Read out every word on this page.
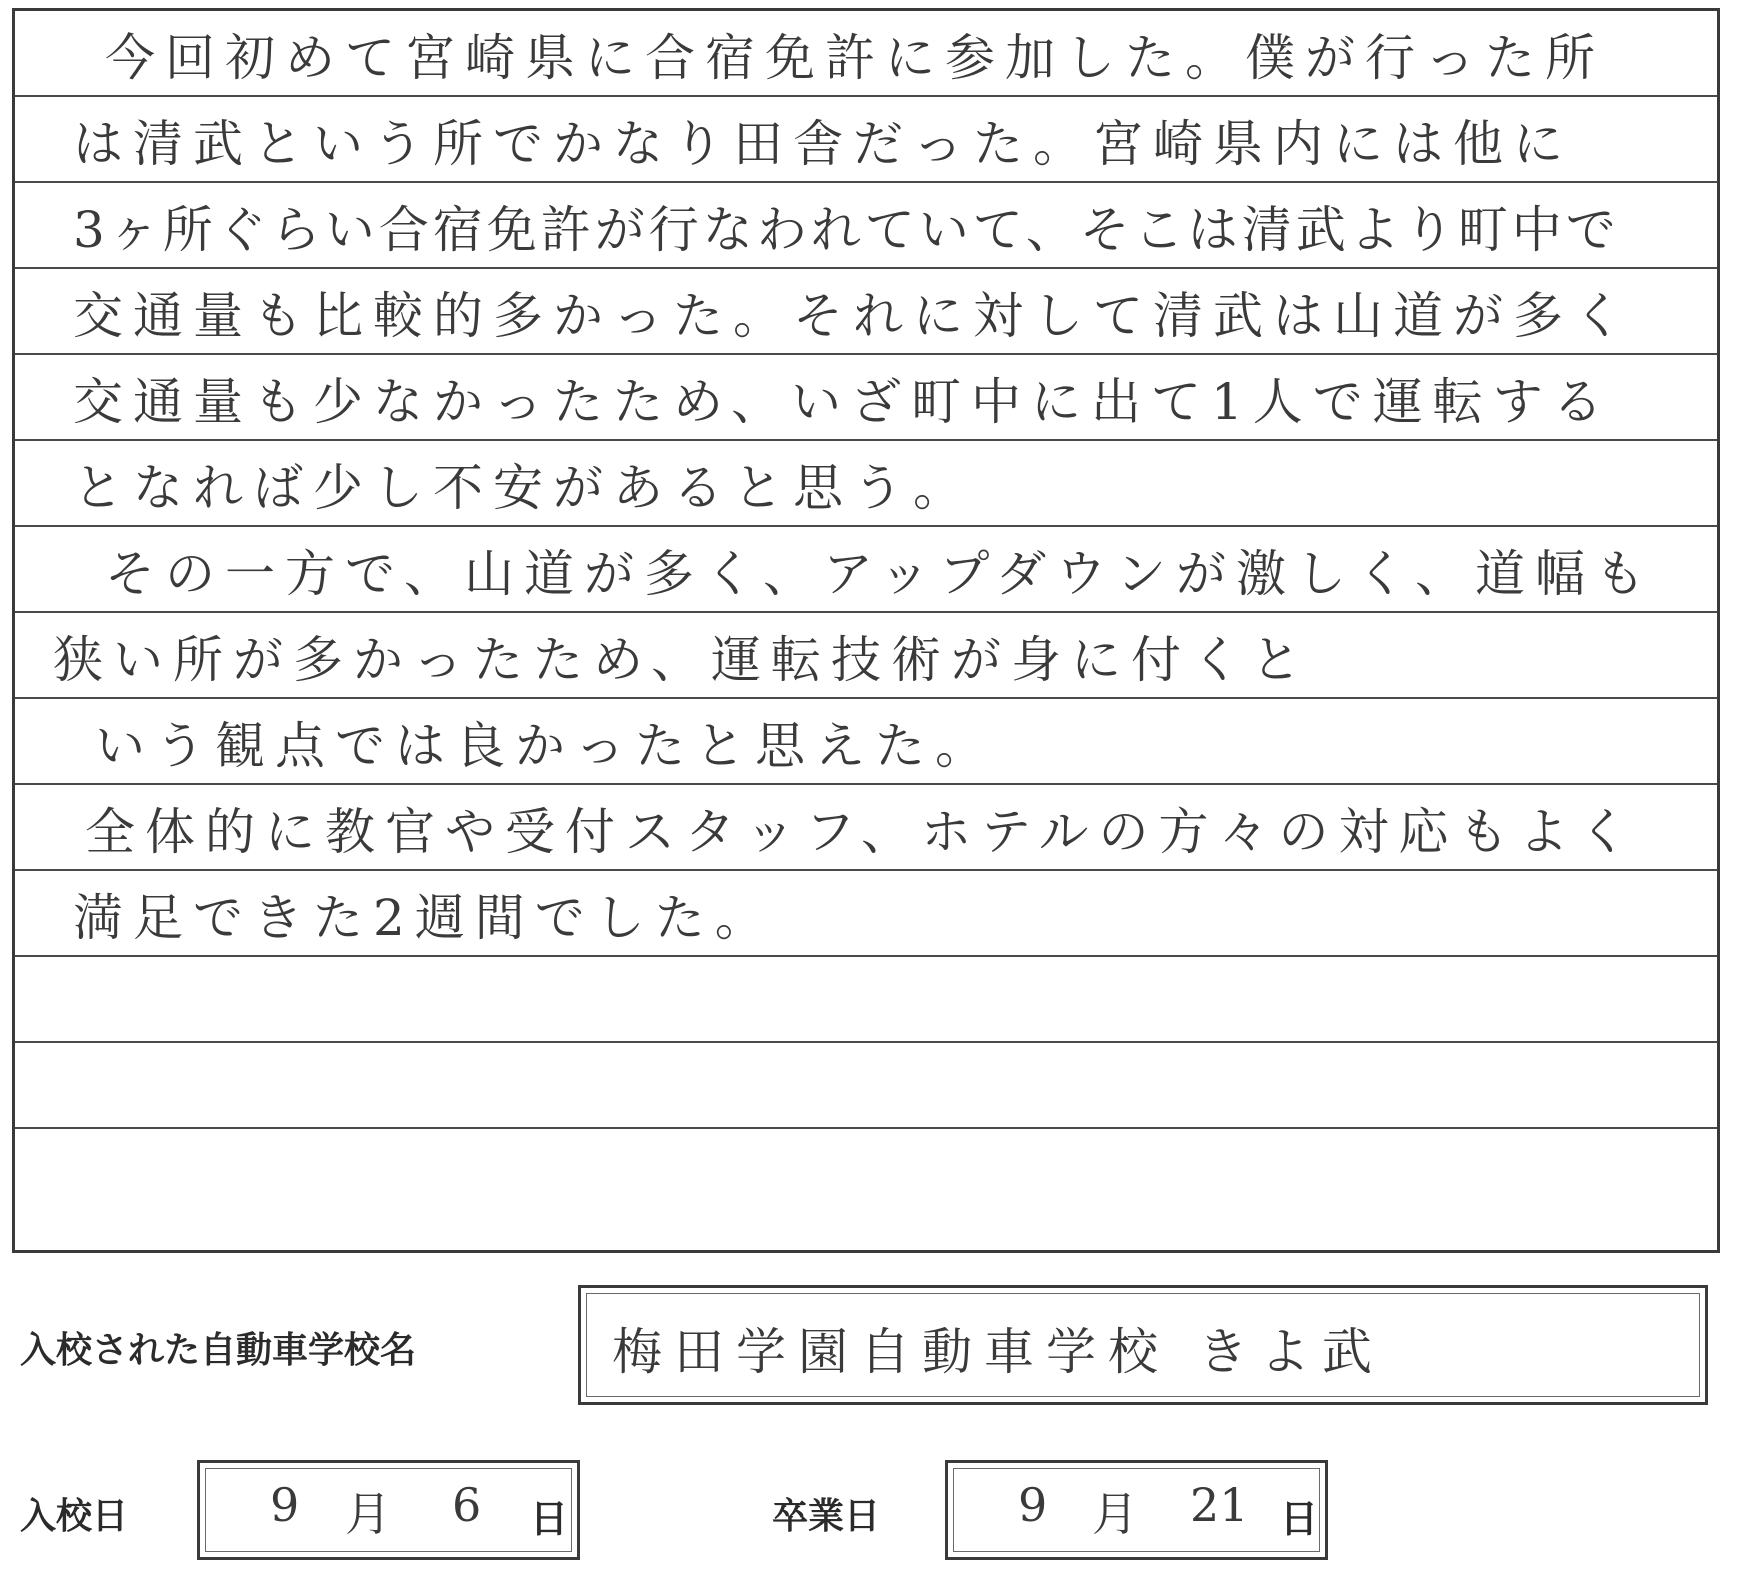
今回初めて宮崎県に合宿免許に参加した。僕が行った所
は清武という所でかなり田舎だった。宮崎県内には他に
3ヶ所ぐらい合宿免許が行なわれていて、そこは清武より町中で
交通量も比較的多かった。それに対して清武は山道が多く
交通量も少なかったため、いざ町中に出て1人で運転する
となれば少し不安があると思う。
その一方で、山道が多く、アップダウンが激しく、道幅も
狭い所が多かったため、運転技術が身に付くと
いう観点では良かったと思えた。
全体的に教官や受付スタッフ、ホテルの方々の対応もよく
満足できた2週間でした。
入校された自動車学校名	梅田学園自動車学校 きよ武
入校日	9 月 6 日	卒業日	9 月 21 日
